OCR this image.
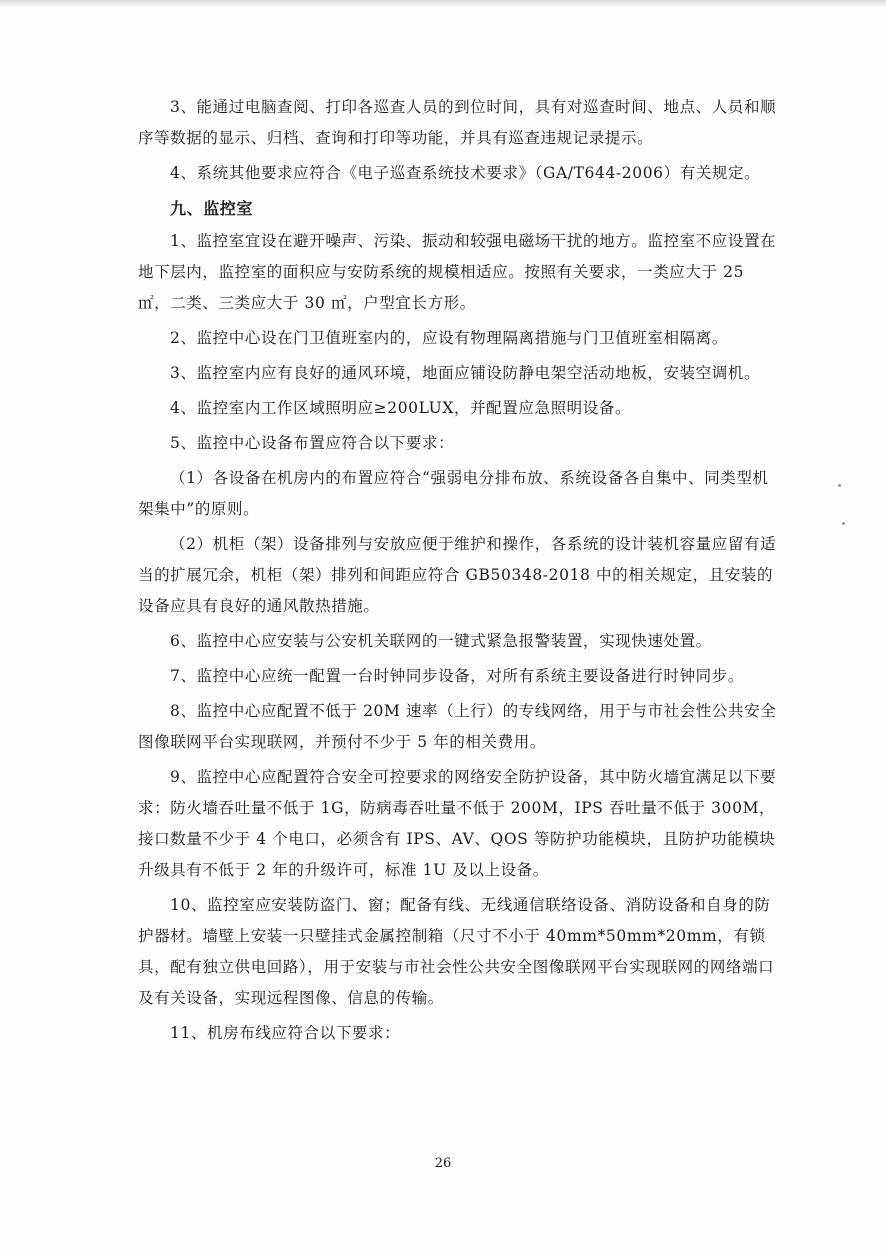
3、能通过电脑查阅、打印各巡查人员的到位时间，具有对巡查时间、地点、人员和顺序等数据的显示、归档、查询和打印等功能，并具有巡查违规记录提示。

4、系统其他要求应符合《电子巡查系统技术要求》（GA/T644-2006）有关规定。

九、监控室

1、监控室宜设在避开噪声、污染、振动和较强电磁场干扰的地方。监控室不应设置在地下层内，监控室的面积应与安防系统的规模相适应。按照有关要求，一类应大于 25 ㎡，二类、三类应大于 30 ㎡，户型宜长方形。

2、监控中心设在门卫值班室内的，应设有物理隔离措施与门卫值班室相隔离。

3、监控室内应有良好的通风环境，地面应铺设防静电架空活动地板，安装空调机。

4、监控室内工作区域照明应≥200LUX，并配置应急照明设备。

5、监控中心设备布置应符合以下要求：

（1）各设备在机房内的布置应符合“强弱电分排布放、系统设备各自集中、同类型机架集中”的原则。

（2）机柜（架）设备排列与安放应便于维护和操作，各系统的设计装机容量应留有适当的扩展冗余，机柜（架）排列和间距应符合 GB50348-2018 中的相关规定，且安装的设备应具有良好的通风散热措施。

6、监控中心应安装与公安机关联网的一键式紧急报警装置，实现快速处置。

7、监控中心应统一配置一台时钟同步设备，对所有系统主要设备进行时钟同步。

8、监控中心应配置不低于 20M 速率（上行）的专线网络，用于与市社会性公共安全图像联网平台实现联网，并预付不少于 5 年的相关费用。

9、监控中心应配置符合安全可控要求的网络安全防护设备，其中防火墙宜满足以下要求：防火墙吞吐量不低于 1G，防病毒吞吐量不低于 200M，IPS 吞吐量不低于 300M，接口数量不少于 4 个电口，必须含有 IPS、AV、QOS 等防护功能模块，且防护功能模块升级具有不低于 2 年的升级许可，标准 1U 及以上设备。

10、监控室应安装防盗门、窗；配备有线、无线通信联络设备、消防设备和自身的防护器材。墙壁上安装一只壁挂式金属控制箱（尺寸不小于 40mm*50mm*20mm，有锁具，配有独立供电回路），用于安装与市社会性公共安全图像联网平台实现联网的网络端口及有关设备，实现远程图像、信息的传输。

11、机房布线应符合以下要求：

26
